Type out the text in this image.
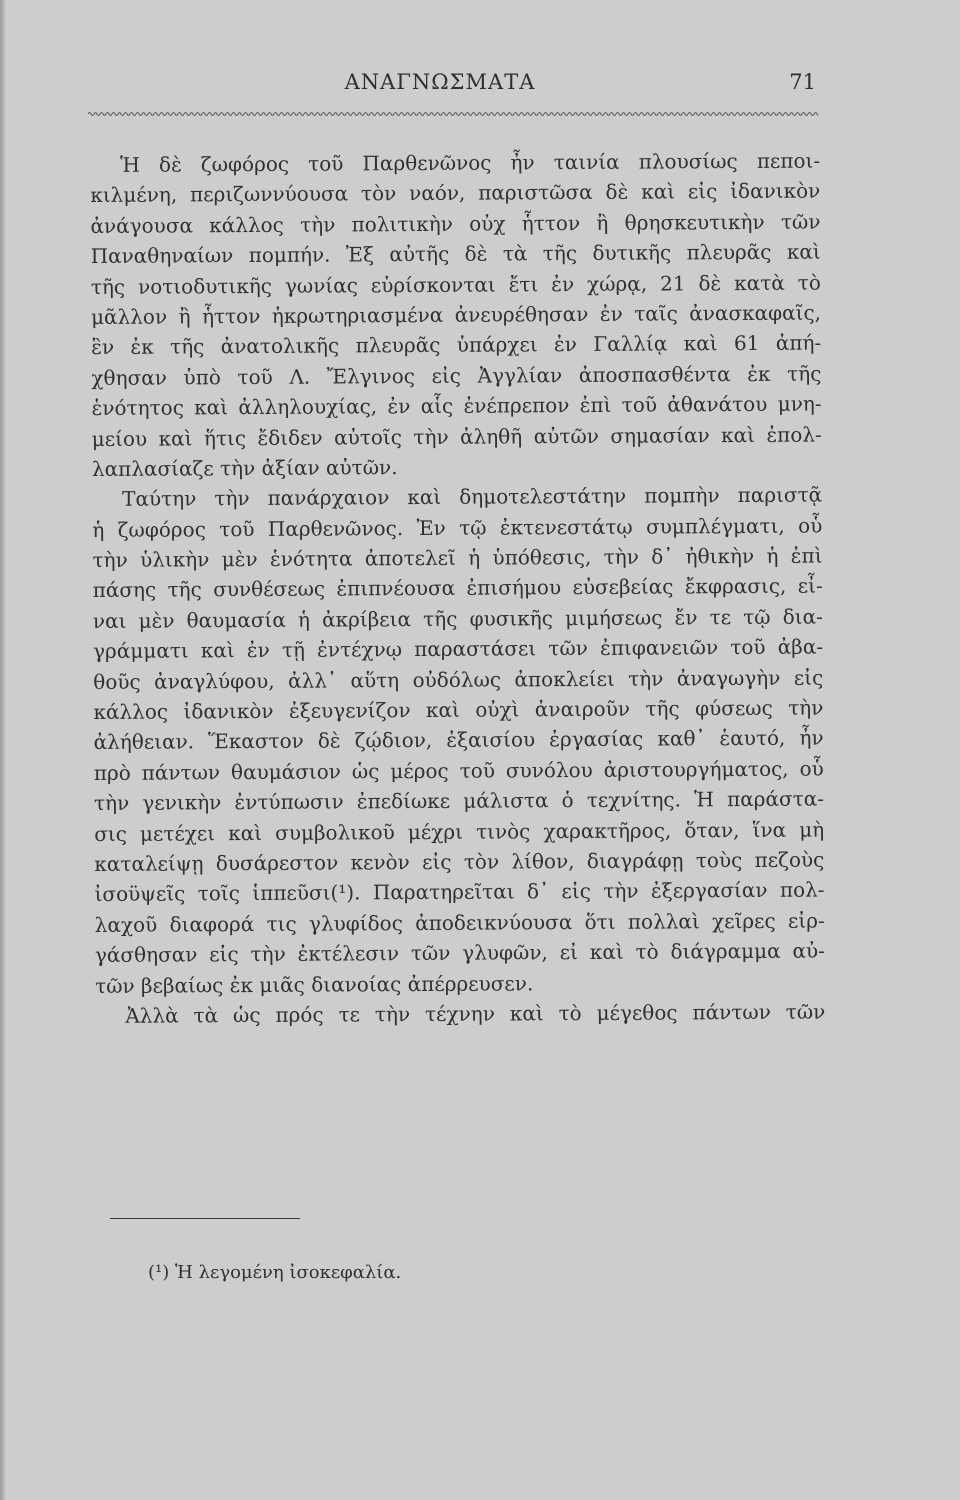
ΑΝΑΓΝΩΣΜΑΤΑ	71
Ἡ δὲ ζωφόρος τοῦ Παρθενῶνος ἦν ταινία πλουσίως πεποι-
κιλμένη, περιζωννύουσα τὸν ναόν, παριστῶσα δὲ καὶ εἰς ἰδανικὸν
ἀνάγουσα κάλλος τὴν πολιτικὴν οὐχ ἧττον ἢ θρησκευτικὴν τῶν
Παναθηναίων πομπήν. Ἐξ αὐτῆς δὲ τὰ τῆς δυτικῆς πλευρᾶς καὶ
τῆς νοτιοδυτικῆς γωνίας εὑρίσκονται ἔτι ἐν χώρᾳ, 21 δὲ κατὰ τὸ
μᾶλλον ἢ ἧττον ἠκρωτηριασμένα ἀνευρέθησαν ἐν ταῖς ἀνασκαφαῖς,
ἓν ἐκ τῆς ἀνατολικῆς πλευρᾶς ὑπάρχει ἐν Γαλλίᾳ καὶ 61 ἀπή-
χθησαν ὑπὸ τοῦ Λ. Ἔλγινος εἰς Ἀγγλίαν ἀποσπασθέντα ἐκ τῆς
ἑνότητος καὶ ἀλληλουχίας, ἐν αἷς ἐνέπρεπον ἐπὶ τοῦ ἀθανάτου μνη-
μείου καὶ ἥτις ἔδιδεν αὐτοῖς τὴν ἀληθῆ αὐτῶν σημασίαν καὶ ἐπολ-
λαπλασίαζε τὴν ἀξίαν αὐτῶν.
Ταύτην τὴν πανάρχαιον καὶ δημοτελεστάτην πομπὴν παριστᾷ
ἡ ζωφόρος τοῦ Παρθενῶνος. Ἐν τῷ ἐκτενεστάτῳ συμπλέγματι, οὗ
τὴν ὑλικὴν μὲν ἑνότητα ἀποτελεῖ ἡ ὑπόθεσις, τὴν δ᾽ ἠθικὴν ἡ ἐπὶ
πάσης τῆς συνθέσεως ἐπιπνέουσα ἐπισήμου εὐσεβείας ἔκφρασις, εἶ-
ναι μὲν θαυμασία ἡ ἀκρίβεια τῆς φυσικῆς μιμήσεως ἔν τε τῷ δια-
γράμματι καὶ ἐν τῇ ἐντέχνῳ παραστάσει τῶν ἐπιφανειῶν τοῦ ἀβα-
θοῦς ἀναγλύφου, ἀλλ᾽ αὕτη οὐδόλως ἀποκλείει τὴν ἀναγωγὴν εἰς
κάλλος ἰδανικὸν ἐξευγενίζον καὶ οὐχὶ ἀναιροῦν τῆς φύσεως τὴν
ἀλήθειαν. Ἕκαστον δὲ ζῴδιον, ἐξαισίου ἐργασίας καθ᾽ ἑαυτό, ἦν
πρὸ πάντων θαυμάσιον ὡς μέρος τοῦ συνόλου ἀριστουργήματος, οὗ
τὴν γενικὴν ἐντύπωσιν ἐπεδίωκε μάλιστα ὁ τεχνίτης. Ἡ παράστα-
σις μετέχει καὶ συμβολικοῦ μέχρι τινὸς χαρακτῆρος, ὅταν, ἵνα μὴ
καταλείψῃ δυσάρεστον κενὸν εἰς τὸν λίθον, διαγράφῃ τοὺς πεζοὺς
ἰσοϋψεῖς τοῖς ἱππεῦσι(¹). Παρατηρεῖται δ᾽ εἰς τὴν ἐξεργασίαν πολ-
λαχοῦ διαφορά τις γλυφίδος ἀποδεικνύουσα ὅτι πολλαὶ χεῖρες εἰρ-
γάσθησαν εἰς τὴν ἐκτέλεσιν τῶν γλυφῶν, εἰ καὶ τὸ διάγραμμα αὐ-
τῶν βεβαίως ἐκ μιᾶς διανοίας ἀπέρρευσεν.
Ἀλλὰ τὰ ὡς πρός τε τὴν τέχνην καὶ τὸ μέγεθος πάντων τῶν
(¹) Ἡ λεγομένη ἰσοκεφαλία.
